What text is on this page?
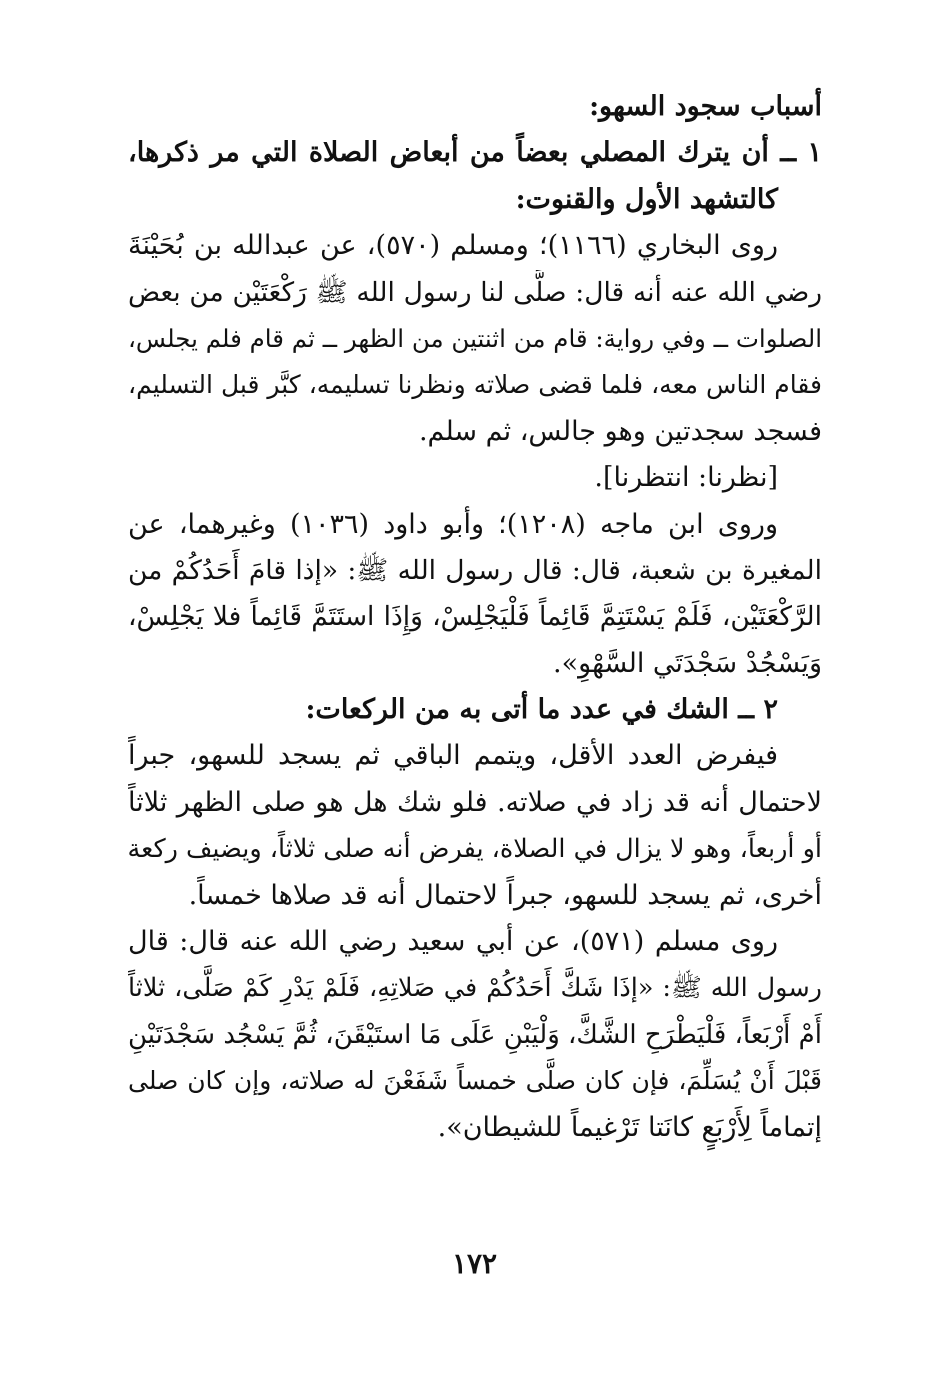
أسباب سجود السهو:
١ ــ أن يترك المصلي بعضاً من أبعاض الصلاة التي مر ذكرها،
كالتشهد الأول والقنوت:
روى البخاري (١١٦٦)؛ ومسلم (٥٧٠)، عن عبدالله بن بُحَيْنَةَ
رضي الله عنه أنه قال: صلَّى لنا رسول الله ﷺ رَكْعَتَيْن من بعض
الصلوات ــ وفي رواية: قام من اثنتين من الظهر ــ ثم قام فلم يجلس،
فقام الناس معه، فلما قضى صلاته ونظرنا تسليمه، كبَّر قبل التسليم،
فسجد سجدتين وهو جالس، ثم سلم.
[نظرنا: انتظرنا].
وروى ابن ماجه (١٢٠٨)؛ وأبو داود (١٠٣٦) وغيرهما، عن
المغيرة بن شعبة، قال: قال رسول الله ﷺ: «إذا قامَ أَحَدُكُمْ من
الرَّكْعَتَيْن، فَلَمْ يَسْتَتِمَّ قَائِماً فَلْيَجْلِسْ، وَإِذَا استَتَمَّ قَائِماً فلا يَجْلِسْ،
وَيَسْجُدْ سَجْدَتَي السَّهْوِ».
٢ ــ الشك في عدد ما أتى به من الركعات:
فيفرض العدد الأقل، ويتمم الباقي ثم يسجد للسهو، جبراً
لاحتمال أنه قد زاد في صلاته. فلو شك هل هو صلى الظهر ثلاثاً
أو أربعاً، وهو لا يزال في الصلاة، يفرض أنه صلى ثلاثاً، ويضيف ركعة
أخرى، ثم يسجد للسهو، جبراً لاحتمال أنه قد صلاها خمساً.
روى مسلم (٥٧١)، عن أبي سعيد رضي الله عنه قال: قال
رسول الله ﷺ: «إذَا شَكَّ أَحَدُكُمْ في صَلاتِهِ، فَلَمْ يَدْرِ كَمْ صَلَّى، ثلاثاً
أَمْ أَرْبَعاً، فَلْيَطْرَحِ الشَّكَّ، وَلْيَبْنِ عَلَى مَا استَيْقَنَ، ثُمَّ يَسْجُد سَجْدَتَيْنِ
قَبْلَ أَنْ يُسَلِّمَ، فإن كان صلَّى خمساً شَفَعْنَ له صلاته، وإن كان صلى
إتماماً لِأَرْبَعٍ كانَتا تَرْغيماً للشيطان».
١٧٢
